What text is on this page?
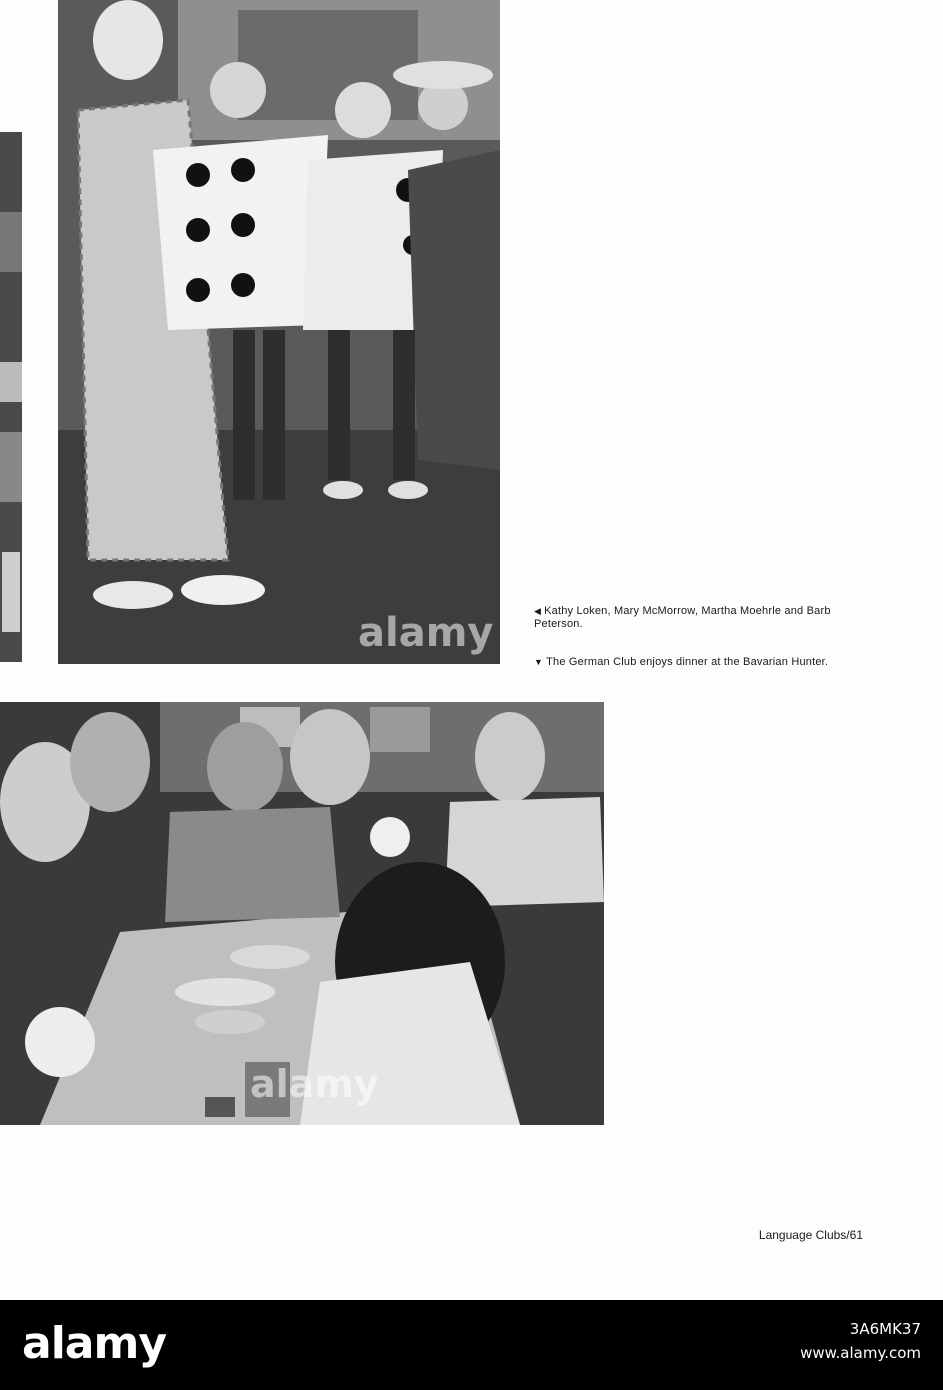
alamy	◀ Kathy Loken, Mary McMorrow, Martha Moehrle and Barb Peterson.
▼ The German Club enjoys dinner at the Bavarian Hunter.
alamy
Language Clubs/61
alamy	3A6MK37
www.alamy.com
